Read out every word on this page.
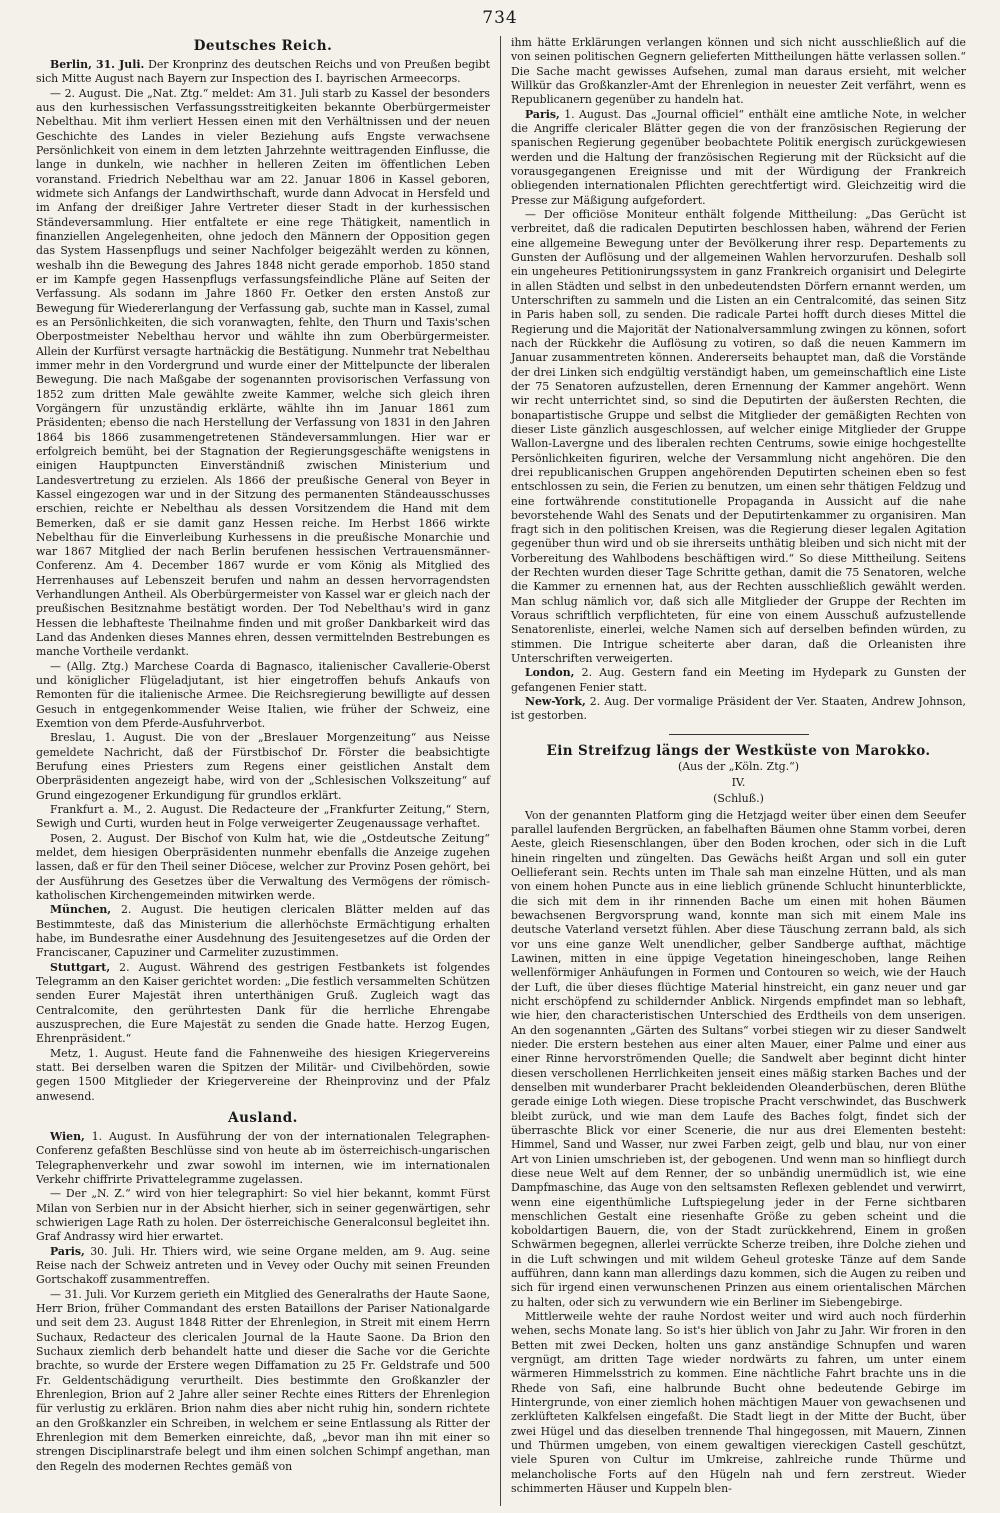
734
Deutsches Reich.

Berlin, 31. Juli. Der Kronprinz des deutschen Reichs und von Preußen begibt sich Mitte August nach Bayern zur Inspection des I. bayrischen Armeecorps.

— 2. August. Die „Nat. Ztg.“ meldet: Am 31. Juli starb zu Kassel der besonders aus den kurhessischen Verfassungsstreitigkeiten bekannte Oberbürgermeister Nebelthau. Mit ihm verliert Hessen einen mit den Verhältnissen und der neuen Geschichte des Landes in vieler Beziehung aufs Engste verwachsene Persönlichkeit von einem in dem letzten Jahrzehnte weittragenden Einflusse, die lange in dunkeln, wie nachher in helleren Zeiten im öffentlichen Leben voranstand. Friedrich Nebelthau war am 22. Januar 1806 in Kassel geboren, widmete sich Anfangs der Landwirthschaft, wurde dann Advocat in Hersfeld und im Anfang der dreißiger Jahre Vertreter dieser Stadt in der kurhessischen Ständeversammlung. Hier entfaltete er eine rege Thätigkeit, namentlich in finanziellen Angelegenheiten, ohne jedoch den Männern der Opposition gegen das System Hassenpflugs und seiner Nachfolger beigezählt werden zu können, weshalb ihn die Bewegung des Jahres 1848 nicht gerade emporhob. 1850 stand er im Kampfe gegen Hassenpflugs verfassungsfeindliche Pläne auf Seiten der Verfassung. Als sodann im Jahre 1860 Fr. Oetker den ersten Anstoß zur Bewegung für Wiedererlangung der Verfassung gab, suchte man in Kassel, zumal es an Persönlichkeiten, die sich voranwagten, fehlte, den Thurn und Taxis'schen Oberpostmeister Nebelthau hervor und wählte ihn zum Oberbürgermeister. Allein der Kurfürst versagte hartnäckig die Bestätigung. Nunmehr trat Nebelthau immer mehr in den Vordergrund und wurde einer der Mittelpuncte der liberalen Bewegung. Die nach Maßgabe der sogenannten provisorischen Verfassung von 1852 zum dritten Male gewählte zweite Kammer, welche sich gleich ihren Vorgängern für unzuständig erklärte, wählte ihn im Januar 1861 zum Präsidenten; ebenso die nach Herstellung der Verfassung von 1831 in den Jahren 1864 bis 1866 zusammengetretenen Ständeversammlungen. Hier war er erfolgreich bemüht, bei der Stagnation der Regierungsgeschäfte wenigstens in einigen Hauptpuncten Einverständniß zwischen Ministerium und Landesvertretung zu erzielen. Als 1866 der preußische General von Beyer in Kassel eingezogen war und in der Sitzung des permanenten Ständeausschusses erschien, reichte er Nebelthau als dessen Vorsitzendem die Hand mit dem Bemerken, daß er sie damit ganz Hessen reiche. Im Herbst 1866 wirkte Nebelthau für die Einverleibung Kurhessens in die preußische Monarchie und war 1867 Mitglied der nach Berlin berufenen hessischen Vertrauensmänner-Conferenz. Am 4. December 1867 wurde er vom König als Mitglied des Herrenhauses auf Lebenszeit berufen und nahm an dessen hervorragendsten Verhandlungen Antheil. Als Oberbürgermeister von Kassel war er gleich nach der preußischen Besitznahme bestätigt worden. Der Tod Nebelthau's wird in ganz Hessen die lebhafteste Theilnahme finden und mit großer Dankbarkeit wird das Land das Andenken dieses Mannes ehren, dessen vermittelnden Bestrebungen es manche Vortheile verdankt.

— (Allg. Ztg.) Marchese Coarda di Bagnasco, italienischer Cavallerie-Oberst und königlicher Flügeladjutant, ist hier eingetroffen behufs Ankaufs von Remonten für die italienische Armee. Die Reichsregierung bewilligte auf dessen Gesuch in entgegenkommender Weise Italien, wie früher der Schweiz, eine Exemtion von dem Pferde-Ausfuhrverbot.

Breslau, 1. August. Die von der „Breslauer Morgenzeitung“ aus Neisse gemeldete Nachricht, daß der Fürstbischof Dr. Förster die beabsichtigte Berufung eines Priesters zum Regens einer geistlichen Anstalt dem Oberpräsidenten angezeigt habe, wird von der „Schlesischen Volkszeitung“ auf Grund eingezogener Erkundigung für grundlos erklärt.

Frankfurt a. M., 2. August. Die Redacteure der „Frankfurter Zeitung,“ Stern, Sewigh und Curti, wurden heut in Folge verweigerter Zeugenaussage verhaftet.

Posen, 2. August. Der Bischof von Kulm hat, wie die „Ostdeutsche Zeitung“ meldet, dem hiesigen Oberpräsidenten nunmehr ebenfalls die Anzeige zugehen lassen, daß er für den Theil seiner Diöcese, welcher zur Provinz Posen gehört, bei der Ausführung des Gesetzes über die Verwaltung des Vermögens der römisch-katholischen Kirchengemeinden mitwirken werde.

München, 2. August. Die heutigen clericalen Blätter melden auf das Bestimmteste, daß das Ministerium die allerhöchste Ermächtigung erhalten habe, im Bundesrathe einer Ausdehnung des Jesuitengesetzes auf die Orden der Franciscaner, Capuziner und Carmeliter zuzustimmen.

Stuttgart, 2. August. Während des gestrigen Festbankets ist folgendes Telegramm an den Kaiser gerichtet worden: „Die festlich versammelten Schützen senden Eurer Majestät ihren unterthänigen Gruß. Zugleich wagt das Centralcomite, den gerührtesten Dank für die herrliche Ehrengabe auszusprechen, die Eure Majestät zu senden die Gnade hatte. Herzog Eugen, Ehrenpräsident.“

Metz, 1. August. Heute fand die Fahnenweihe des hiesigen Kriegervereins statt. Bei derselben waren die Spitzen der Militär- und Civilbehörden, sowie gegen 1500 Mitglieder der Kriegervereine der Rheinprovinz und der Pfalz anwesend.

Ausland.

Wien, 1. August. In Ausführung der von der internationalen Telegraphen-Conferenz gefaßten Beschlüsse sind von heute ab im österreichisch-ungarischen Telegraphenverkehr und zwar sowohl im internen, wie im internationalen Verkehr chiffrirte Privattelegramme zugelassen.

— Der „N. Z.“ wird von hier telegraphirt: So viel hier bekannt, kommt Fürst Milan von Serbien nur in der Absicht hierher, sich in seiner gegenwärtigen, sehr schwierigen Lage Rath zu holen. Der österreichische Generalconsul begleitet ihn. Graf Andrassy wird hier erwartet.

Paris, 30. Juli. Hr. Thiers wird, wie seine Organe melden, am 9. Aug. seine Reise nach der Schweiz antreten und in Vevey oder Ouchy mit seinen Freunden Gortschakoff zusammentreffen.

— 31. Juli. Vor Kurzem gerieth ein Mitglied des Generalraths der Haute Saone, Herr Brion, früher Commandant des ersten Bataillons der Pariser Nationalgarde und seit dem 23. August 1848 Ritter der Ehrenlegion, in Streit mit einem Herrn Suchaux, Redacteur des clericalen Journal de la Haute Saone. Da Brion den Suchaux ziemlich derb behandelt hatte und dieser die Sache vor die Gerichte brachte, so wurde der Erstere wegen Diffamation zu 25 Fr. Geldstrafe und 500 Fr. Geldentschädigung verurtheilt. Dies bestimmte den Großkanzler der Ehrenlegion, Brion auf 2 Jahre aller seiner Rechte eines Ritters der Ehrenlegion für verlustig zu erklären. Brion nahm dies aber nicht ruhig hin, sondern richtete an den Großkanzler ein Schreiben, in welchem er seine Entlassung als Ritter der Ehrenlegion mit dem Bemerken einreichte, daß, „bevor man ihn mit einer so strengen Disciplinarstrafe belegt und ihm einen solchen Schimpf angethan, man den Regeln des modernen Rechtes gemäß von

ihm hätte Erklärungen verlangen können und sich nicht ausschließlich auf die von seinen politischen Gegnern gelieferten Mittheilungen hätte verlassen sollen.“ Die Sache macht gewisses Aufsehen, zumal man daraus ersieht, mit welcher Willkür das Großkanzler-Amt der Ehrenlegion in neuester Zeit verfährt, wenn es Republicanern gegenüber zu handeln hat.

Paris, 1. August. Das „Journal officiel“ enthält eine amtliche Note, in welcher die Angriffe clericaler Blätter gegen die von der französischen Regierung der spanischen Regierung gegenüber beobachtete Politik energisch zurückgewiesen werden und die Haltung der französischen Regierung mit der Rücksicht auf die vorausgegangenen Ereignisse und mit der Würdigung der Frankreich obliegenden internationalen Pflichten gerechtfertigt wird. Gleichzeitig wird die Presse zur Mäßigung aufgefordert.

— Der officiöse Moniteur enthält folgende Mittheilung: „Das Gerücht ist verbreitet, daß die radicalen Deputirten beschlossen haben, während der Ferien eine allgemeine Bewegung unter der Bevölkerung ihrer resp. Departements zu Gunsten der Auflösung und der allgemeinen Wahlen hervorzurufen. Deshalb soll ein ungeheures Petitionirungssystem in ganz Frankreich organisirt und Delegirte in allen Städten und selbst in den unbedeutendsten Dörfern ernannt werden, um Unterschriften zu sammeln und die Listen an ein Centralcomité, das seinen Sitz in Paris haben soll, zu senden. Die radicale Partei hofft durch dieses Mittel die Regierung und die Majorität der Nationalversammlung zwingen zu können, sofort nach der Rückkehr die Auflösung zu votiren, so daß die neuen Kammern im Januar zusammentreten können. Andererseits behauptet man, daß die Vorstände der drei Linken sich endgültig verständigt haben, um gemeinschaftlich eine Liste der 75 Senatoren aufzustellen, deren Ernennung der Kammer angehört. Wenn wir recht unterrichtet sind, so sind die Deputirten der äußersten Rechten, die bonapartistische Gruppe und selbst die Mitglieder der gemäßigten Rechten von dieser Liste gänzlich ausgeschlossen, auf welcher einige Mitglieder der Gruppe Wallon-Lavergne und des liberalen rechten Centrums, sowie einige hochgestellte Persönlichkeiten figuriren, welche der Versammlung nicht angehören. Die den drei republicanischen Gruppen angehörenden Deputirten scheinen eben so fest entschlossen zu sein, die Ferien zu benutzen, um einen sehr thätigen Feldzug und eine fortwährende constitutionelle Propaganda in Aussicht auf die nahe bevorstehende Wahl des Senats und der Deputirtenkammer zu organisiren. Man fragt sich in den politischen Kreisen, was die Regierung dieser legalen Agitation gegenüber thun wird und ob sie ihrerseits unthätig bleiben und sich nicht mit der Vorbereitung des Wahlbodens beschäftigen wird.“ So diese Mittheilung. Seitens der Rechten wurden dieser Tage Schritte gethan, damit die 75 Senatoren, welche die Kammer zu ernennen hat, aus der Rechten ausschließlich gewählt werden. Man schlug nämlich vor, daß sich alle Mitglieder der Gruppe der Rechten im Voraus schriftlich verpflichteten, für eine von einem Ausschuß aufzustellende Senatorenliste, einerlei, welche Namen sich auf derselben befinden würden, zu stimmen. Die Intrigue scheiterte aber daran, daß die Orleanisten ihre Unterschriften verweigerten.

London, 2. Aug. Gestern fand ein Meeting im Hydepark zu Gunsten der gefangenen Fenier statt.

New-York, 2. Aug. Der vormalige Präsident der Ver. Staaten, Andrew Johnson, ist gestorben.

Ein Streifzug längs der Westküste von Marokko.
(Aus der „Köln. Ztg.“)
IV.
(Schluß.)

Von der genannten Platform ging die Hetzjagd weiter über einen dem Seeufer parallel laufenden Bergrücken, an fabelhaften Bäumen ohne Stamm vorbei, deren Aeste, gleich Riesenschlangen, über den Boden krochen, oder sich in die Luft hinein ringelten und züngelten. Das Gewächs heißt Argan und soll ein guter Oellieferant sein. Rechts unten im Thale sah man einzelne Hütten, und als man von einem hohen Puncte aus in eine lieblich grünende Schlucht hinunterblickte, die sich mit dem in ihr rinnenden Bache um einen mit hohen Bäumen bewachsenen Bergvorsprung wand, konnte man sich mit einem Male ins deutsche Vaterland versetzt fühlen. Aber diese Täuschung zerrann bald, als sich vor uns eine ganze Welt unendlicher, gelber Sandberge aufthat, mächtige Lawinen, mitten in eine üppige Vegetation hineingeschoben, lange Reihen wellenförmiger Anhäufungen in Formen und Contouren so weich, wie der Hauch der Luft, die über dieses flüchtige Material hinstreicht, ein ganz neuer und gar nicht erschöpfend zu schildernder Anblick. Nirgends empfindet man so lebhaft, wie hier, den characteristischen Unterschied des Erdtheils von dem unserigen. An den sogenannten „Gärten des Sultans“ vorbei stiegen wir zu dieser Sandwelt nieder. Die erstern bestehen aus einer alten Mauer, einer Palme und einer aus einer Rinne hervorströmenden Quelle; die Sandwelt aber beginnt dicht hinter diesen verschollenen Herrlichkeiten jenseit eines mäßig starken Baches und der denselben mit wunderbarer Pracht bekleidenden Oleanderbüschen, deren Blüthe gerade einige Loth wiegen. Diese tropische Pracht verschwindet, das Buschwerk bleibt zurück, und wie man dem Laufe des Baches folgt, findet sich der überraschte Blick vor einer Scenerie, die nur aus drei Elementen besteht: Himmel, Sand und Wasser, nur zwei Farben zeigt, gelb und blau, nur von einer Art von Linien umschrieben ist, der gebogenen. Und wenn man so hinfliegt durch diese neue Welt auf dem Renner, der so unbändig unermüdlich ist, wie eine Dampfmaschine, das Auge von den seltsamsten Reflexen geblendet und verwirrt, wenn eine eigenthümliche Luftspiegelung jeder in der Ferne sichtbaren menschlichen Gestalt eine riesenhafte Größe zu geben scheint und die koboldartigen Bauern, die, von der Stadt zurückkehrend, Einem in großen Schwärmen begegnen, allerlei verrückte Scherze treiben, ihre Dolche ziehen und in die Luft schwingen und mit wildem Geheul groteske Tänze auf dem Sande aufführen, dann kann man allerdings dazu kommen, sich die Augen zu reiben und sich für irgend einen verwunschenen Prinzen aus einem orientalischen Märchen zu halten, oder sich zu verwundern wie ein Berliner im Siebengebirge.

Mittlerweile wehte der rauhe Nordost weiter und wird auch noch fürderhin wehen, sechs Monate lang. So ist's hier üblich von Jahr zu Jahr. Wir froren in den Betten mit zwei Decken, holten uns ganz anständige Schnupfen und waren vergnügt, am dritten Tage wieder nordwärts zu fahren, um unter einem wärmeren Himmelsstrich zu kommen. Eine nächtliche Fahrt brachte uns in die Rhede von Safi, eine halbrunde Bucht ohne bedeutende Gebirge im Hintergrunde, von einer ziemlich hohen mächtigen Mauer von gewachsenen und zerklüfteten Kalkfelsen eingefaßt. Die Stadt liegt in der Mitte der Bucht, über zwei Hügel und das dieselben trennende Thal hingegossen, mit Mauern, Zinnen und Thürmen umgeben, von einem gewaltigen viereckigen Castell geschützt, viele Spuren von Cultur im Umkreise, zahlreiche runde Thürme und melancholische Forts auf den Hügeln nah und fern zerstreut. Wieder schimmerten Häuser und Kuppeln blen-
